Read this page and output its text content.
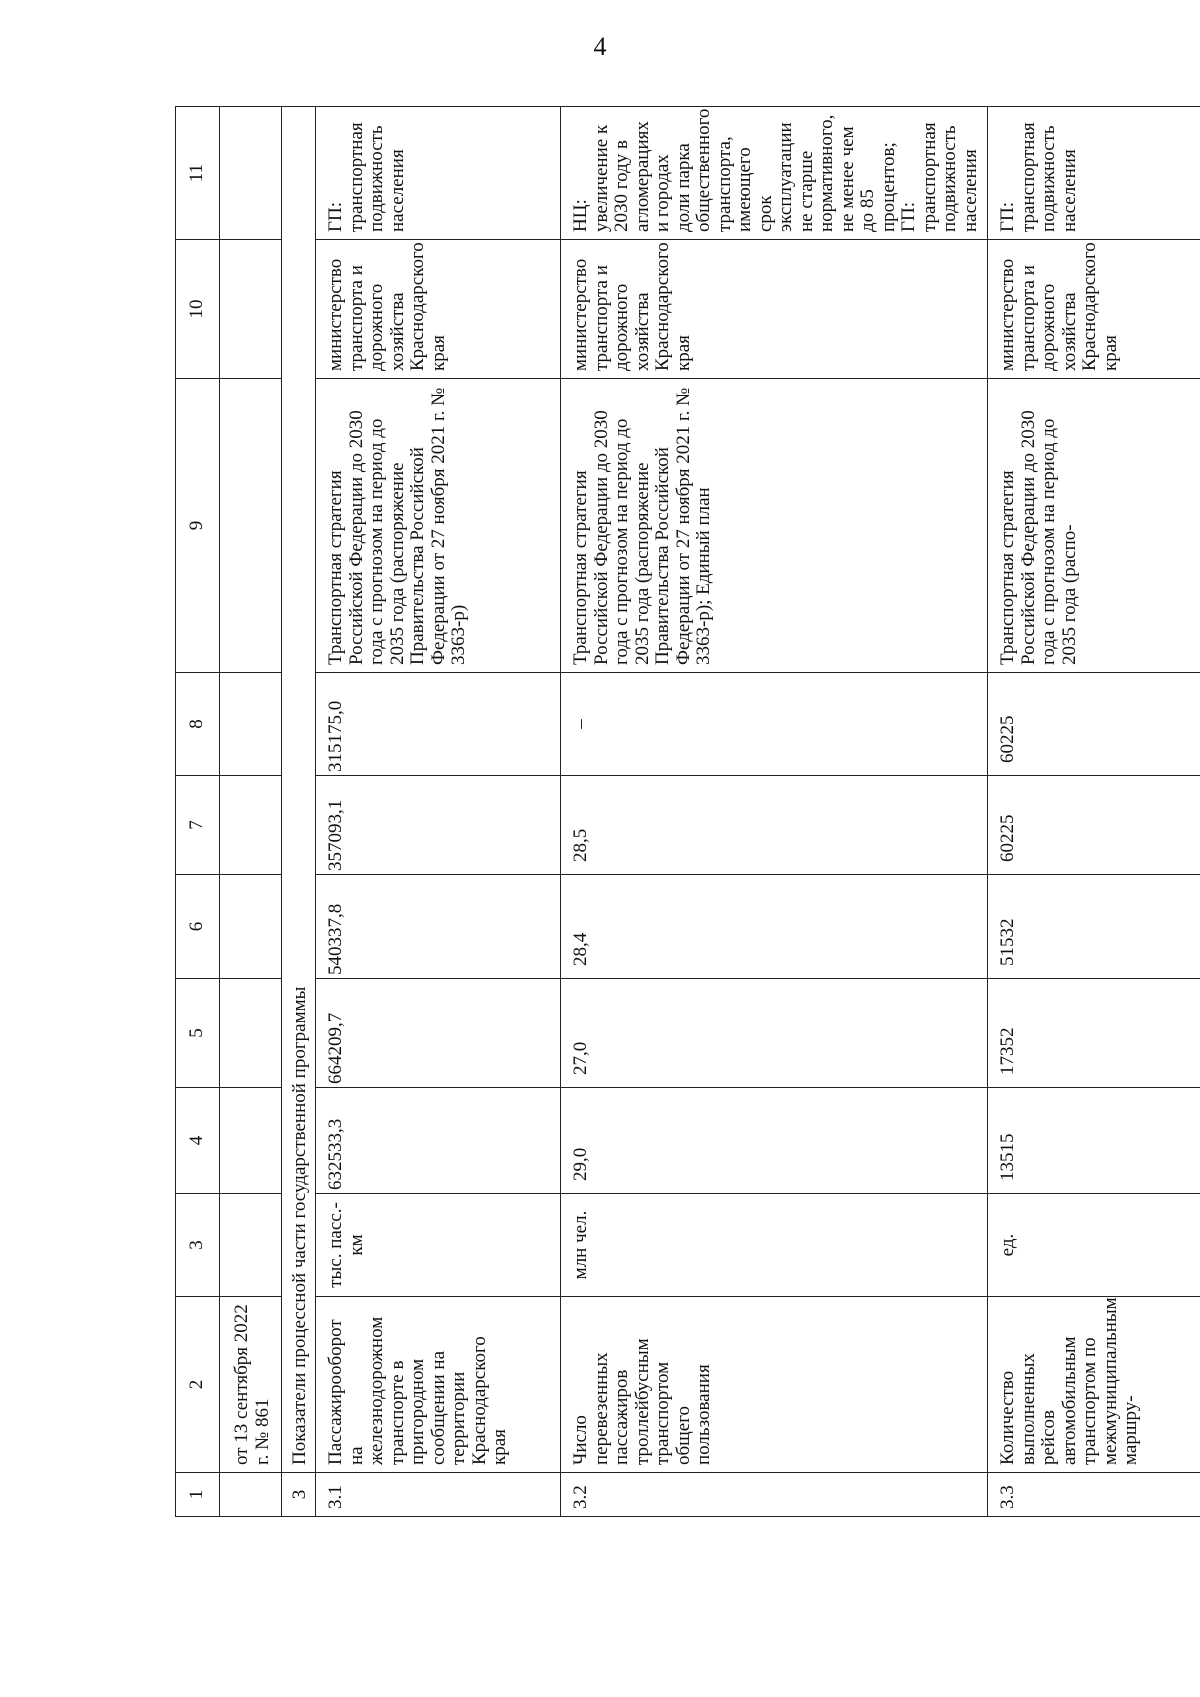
4
1	2	3	4	5	6	7	8	9	10	11
	от 13 сентября 2022 г. № 861									
3	Показатели процессной части государственной программы									
3.1	Пассажирооборот на железнодорожном транспорте в пригородном сообщении на территории Краснодарского края	тыс. пасс.-км	632533,3	664209,7	540337,8	357093,1	315175,0	Транспортная стратегия Российской Федерации до 2030 года с прогнозом на период до 2035 года (распоряжение Правительства Российской Федерации от 27 ноября 2021 г. № 3363-р)	министерство транспорта и дорожного хозяйства Краснодарского края	ГП: транспортная подвижность населения
3.2	Число перевезенных пассажиров троллейбусным транспортом общего пользования	млн чел.	29,0	27,0	28,4	28,5	–	Транспортная стратегия Российской Федерации до 2030 года с прогнозом на период до 2035 года (распоряжение Правительства Российской Федерации от 27 ноября 2021 г. № 3363-р); Единый план	министерство транспорта и дорожного хозяйства Краснодарского края	НЦ: увеличение к 2030 году в агломерациях и городах доли парка общественного транспорта, имеющего срок эксплуатации не старше нормативного, не менее чем до 85 процентов; ГП: транспортная подвижность населения
3.3	Количество выполненных рейсов автомобильным транспортом по межмуниципальным маршру-	ед.	13515	17352	51532	60225	60225	Транспортная стратегия Российской Федерации до 2030 года с прогнозом на период до 2035 года (распо-	министерство транспорта и дорожного хозяйства Краснодарского края	ГП: транспортная подвижность населения
